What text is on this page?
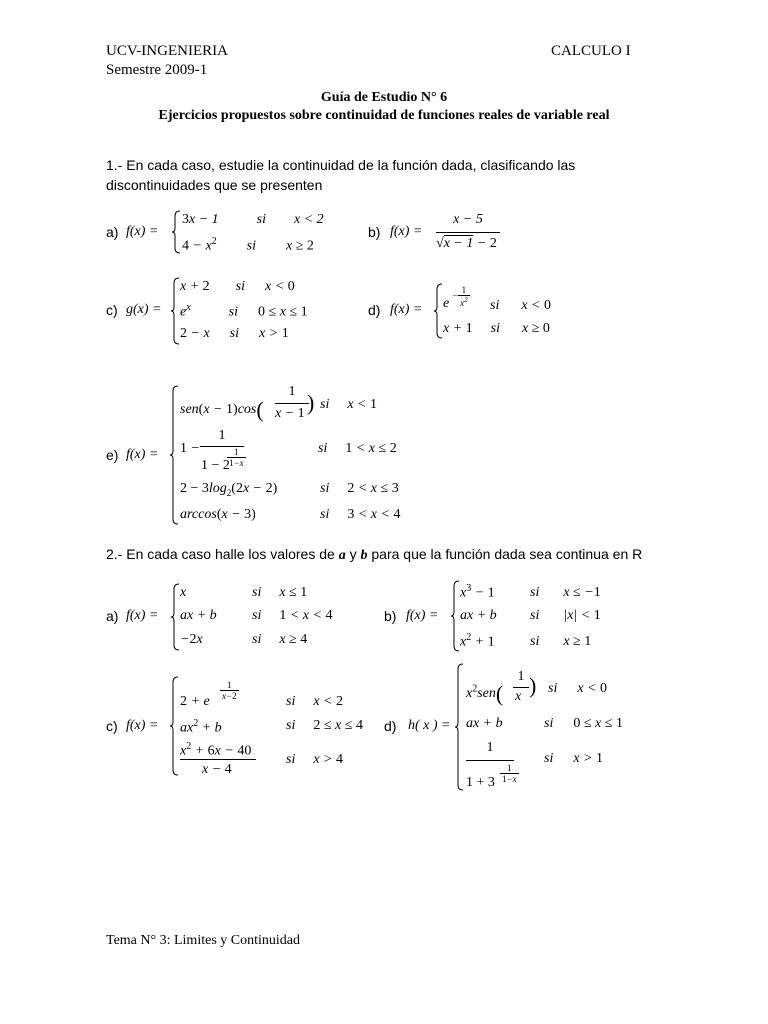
UCV-INGENIERIA
Semestre 2009-1
CALCULO I
Guía de Estudio N° 6
Ejercicios propuestos sobre continuidad de funciones reales de variable real
1.- En cada caso, estudie la continuidad de la función dada, clasificando las
discontinuidades que se presenten
a) f(x) =
3x − 1	si x < 2
$4 - x^2$ si x ≥ 2
b) f(x) =
x − 5
√x − 1 − 2
c) g(x) =
x + 2 si x < 0
$e^x$	si 0 ≤ x ≤ 1
2 − x si x > 1
d) f(x) = e
− $\frac{1}{x^2}$ si x < 0
x + 1 si x ≥ 0
e) f(x) =
sen(x − 1)cos(
1
x − 1 ) si x < 1
1 −
1
1 − 2
$\frac{1}{1-x}$	si 1 < x ≤ 2
$2 - 3\log_2(2x - 2)$	si 2 < x ≤ 3
arccos(x − 3)	si 3 < x < 4
2.- En cada caso halle los valores de a y b para que la función dada sea continua en R
a) f(x) =
x	si x ≤ 1
ax + b	si 1 < x < 4
−2x	si x ≥ 4
b) f(x) =
$x^3 - 1$	si x ≤ −1
ax + b si |x| < 1
$x^2 + 1$	si x ≥ 1
c) f(x) =
2 + e
$\frac{1}{x-2}$
si x < 2
$ax^2 + b$	si 2 ≤ x ≤ 4
$x^2 + 6x - 40$
x − 4
si x > 4
d) h( x ) =
$x^2sen$(
1
x ) si x < 0
ax + b	si 0 ≤ x ≤ 1
1
$1 + 3 \frac{1}{1-x}$
si x > 1
Tema N° 3: Limites y Continuidad
